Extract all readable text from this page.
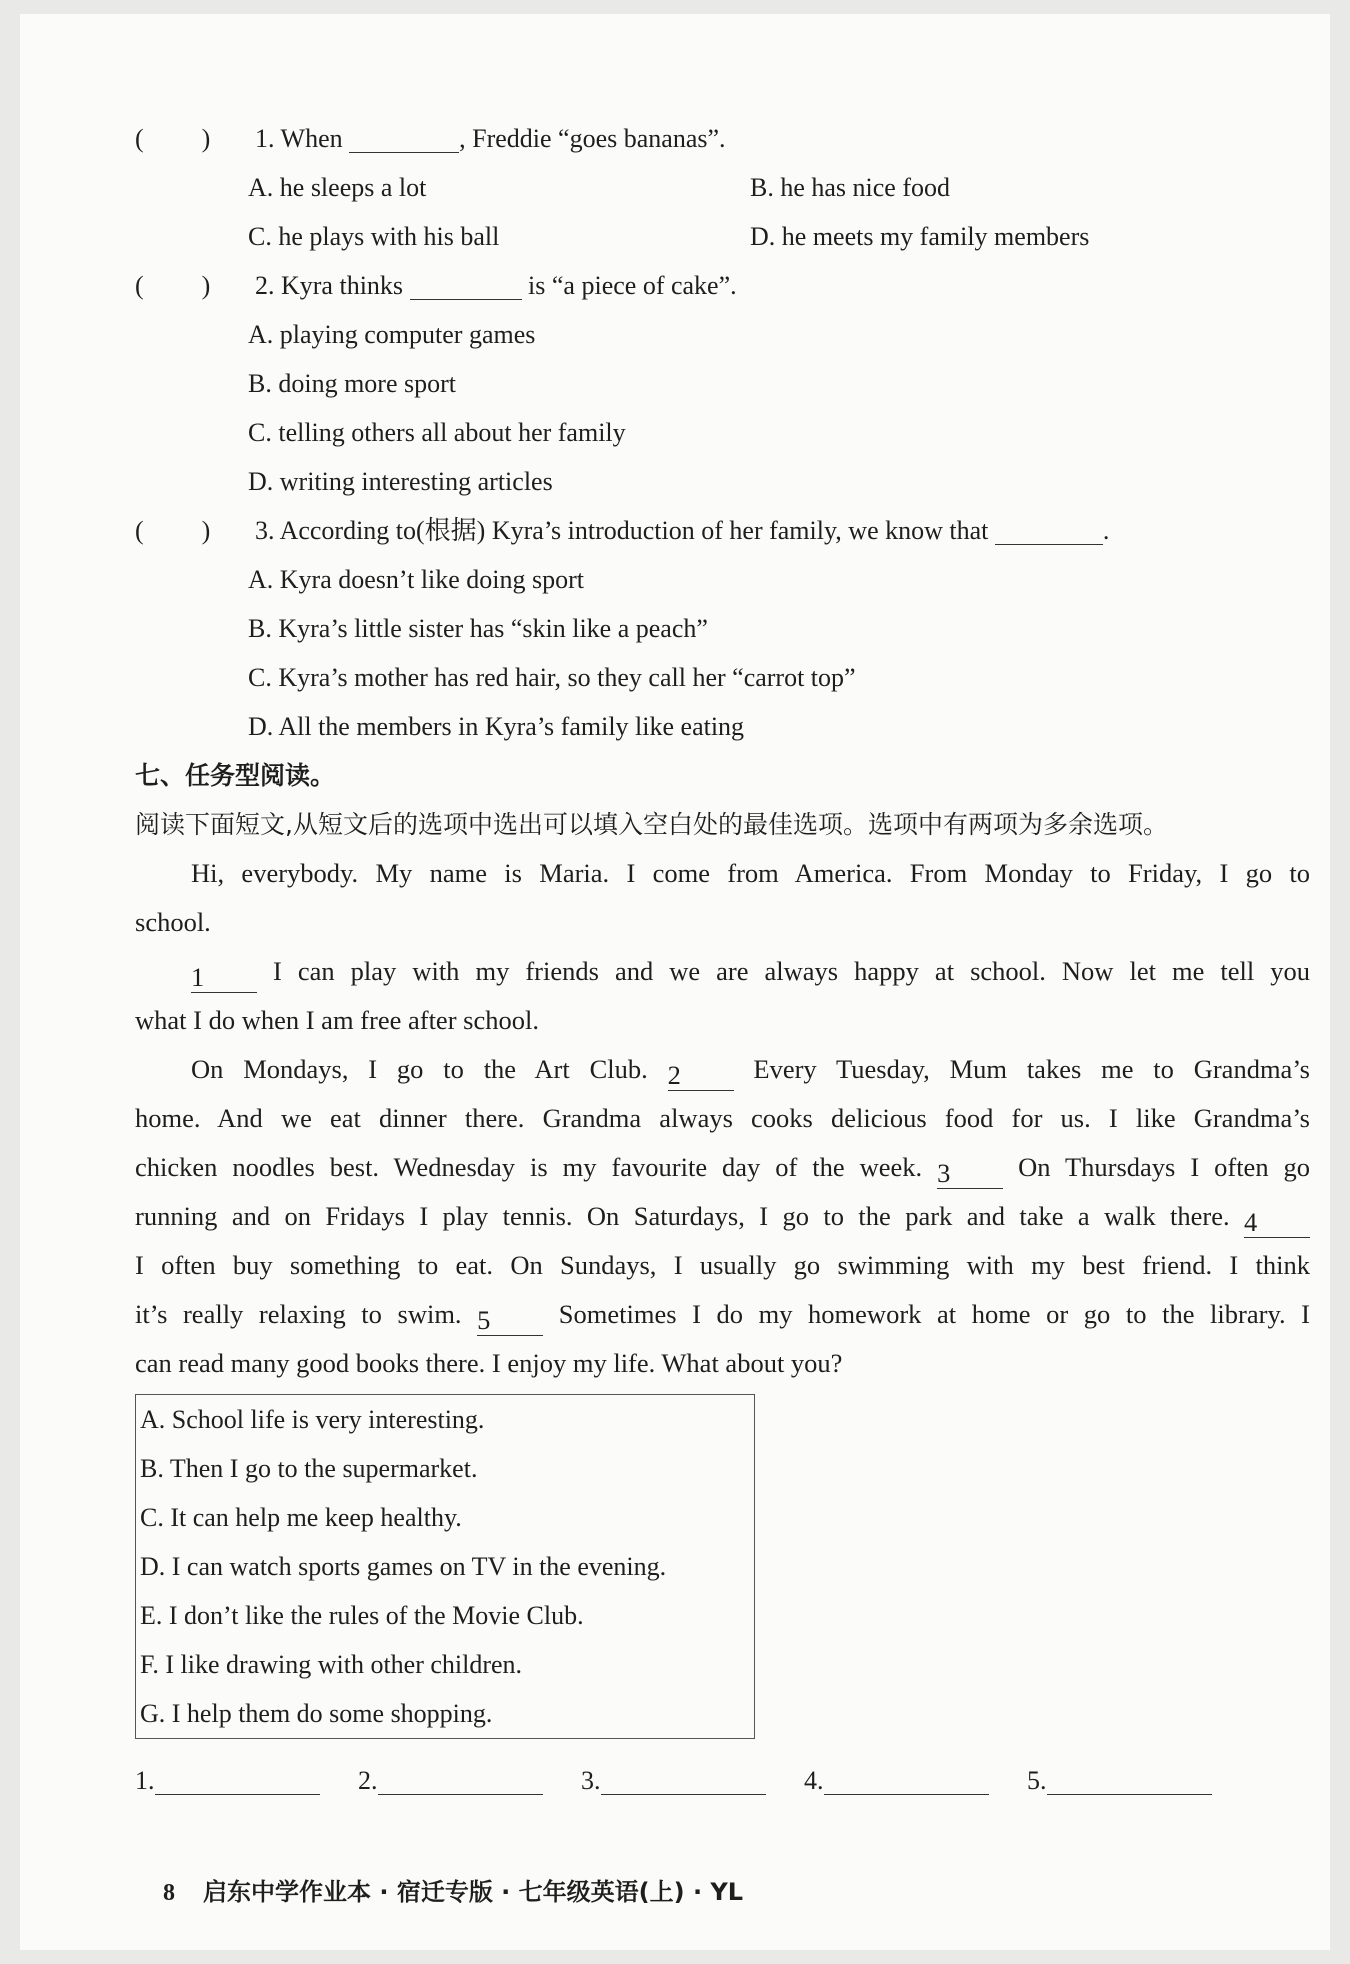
( ) 1. When	, Freddie “goes bananas”.
A. he sleeps a lot	B. he has nice food
C. he plays with his ball	D. he meets my family members
( ) 2. Kyra thinks	is “a piece of cake”.
A. playing computer games
B. doing more sport
C. telling others all about her family
D. writing interesting articles
( ) 3. According to(根据) Kyra’s introduction of her family, we know that	.
A. Kyra doesn’t like doing sport
B. Kyra’s little sister has “skin like a peach”
C. Kyra’s mother has red hair, so they call her “carrot top”
D. All the members in Kyra’s family like eating
七、任务型阅读。
阅读下面短文,从短文后的选项中选出可以填入空白处的最佳选项。选项中有两项为多余选项。
Hi, everybody. My name is Maria. I come from America. From Monday to Friday, I go to
school.
1	I can play with my friends and we are always happy at school. Now let me tell you
what I do when I am free after school.
On Mondays, I go to the Art Club. 2	Every Tuesday, Mum takes me to Grandma’s
home. And we eat dinner there. Grandma always cooks delicious food for us. I like Grandma’s
chicken noodles best. Wednesday is my favourite day of the week. 3	On Thursdays I often go
running and on Fridays I play tennis. On Saturdays, I go to the park and take a walk there. 4
I often buy something to eat. On Sundays, I usually go swimming with my best friend. I think
it’s really relaxing to swim. 5	Sometimes I do my homework at home or go to the library. I
can read many good books there. I enjoy my life. What about you?
A. School life is very interesting.
B. Then I go to the supermarket.
C. It can help me keep healthy.
D. I can watch sports games on TV in the evening.
E. I don’t like the rules of the Movie Club.
F. I like drawing with other children.
G. I help them do some shopping.
1.	2.	3.	4.	5.
8 启东中学作业本 · 宿迁专版 · 七年级英语(上) · YL
